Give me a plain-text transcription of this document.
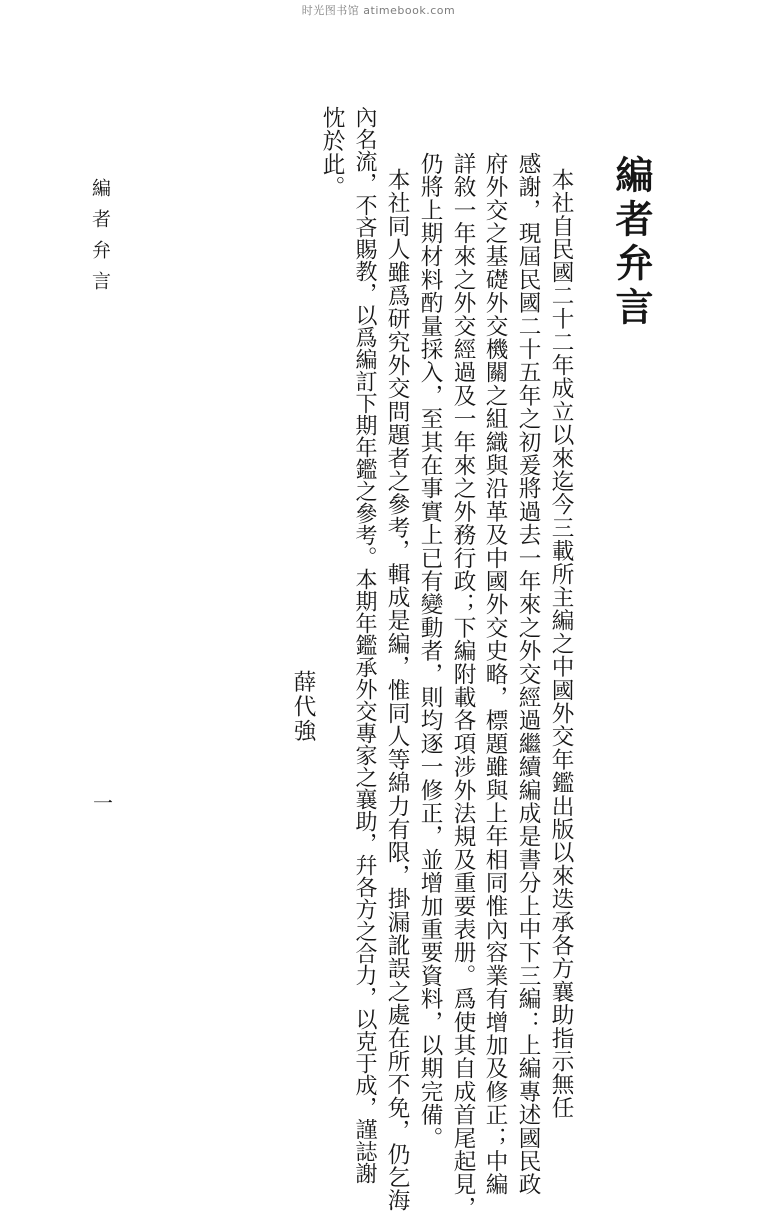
时光图书馆 atimebook.com
編者弁言

本社自民國二十二年成立以來迄今三載所主編之中國外交年鑑出版以來迭承各方襄助指示無任

感謝，現屆民國二十五年之初爰將過去一年來之外交經過繼續編成是書分上中下三編：上編專述國民政

府外交之基礎外交機關之組織與沿革及中國外交史略，標題雖與上年相同惟內容業有增加及修正；中編

詳敘一年來之外交經過及一年來之外務行政；下編附載各項涉外法規及重要表册。爲使其自成首尾起見，

仍將上期材料酌量採入，至其在事實上已有變動者，則均逐一修正，並增加重要資料，以期完備。

本社同人雖爲研究外交問題者之參考，輯成是編，惟同人等綿力有限，掛漏訛誤之處在所不免，仍乞海

內名流，不吝賜教，以爲編訂下期年鑑之參考。本期年鑑承外交專家之襄助，幷各方之合力，以克于成，謹誌謝

忱於此。

薛代強
編者弁言
一
